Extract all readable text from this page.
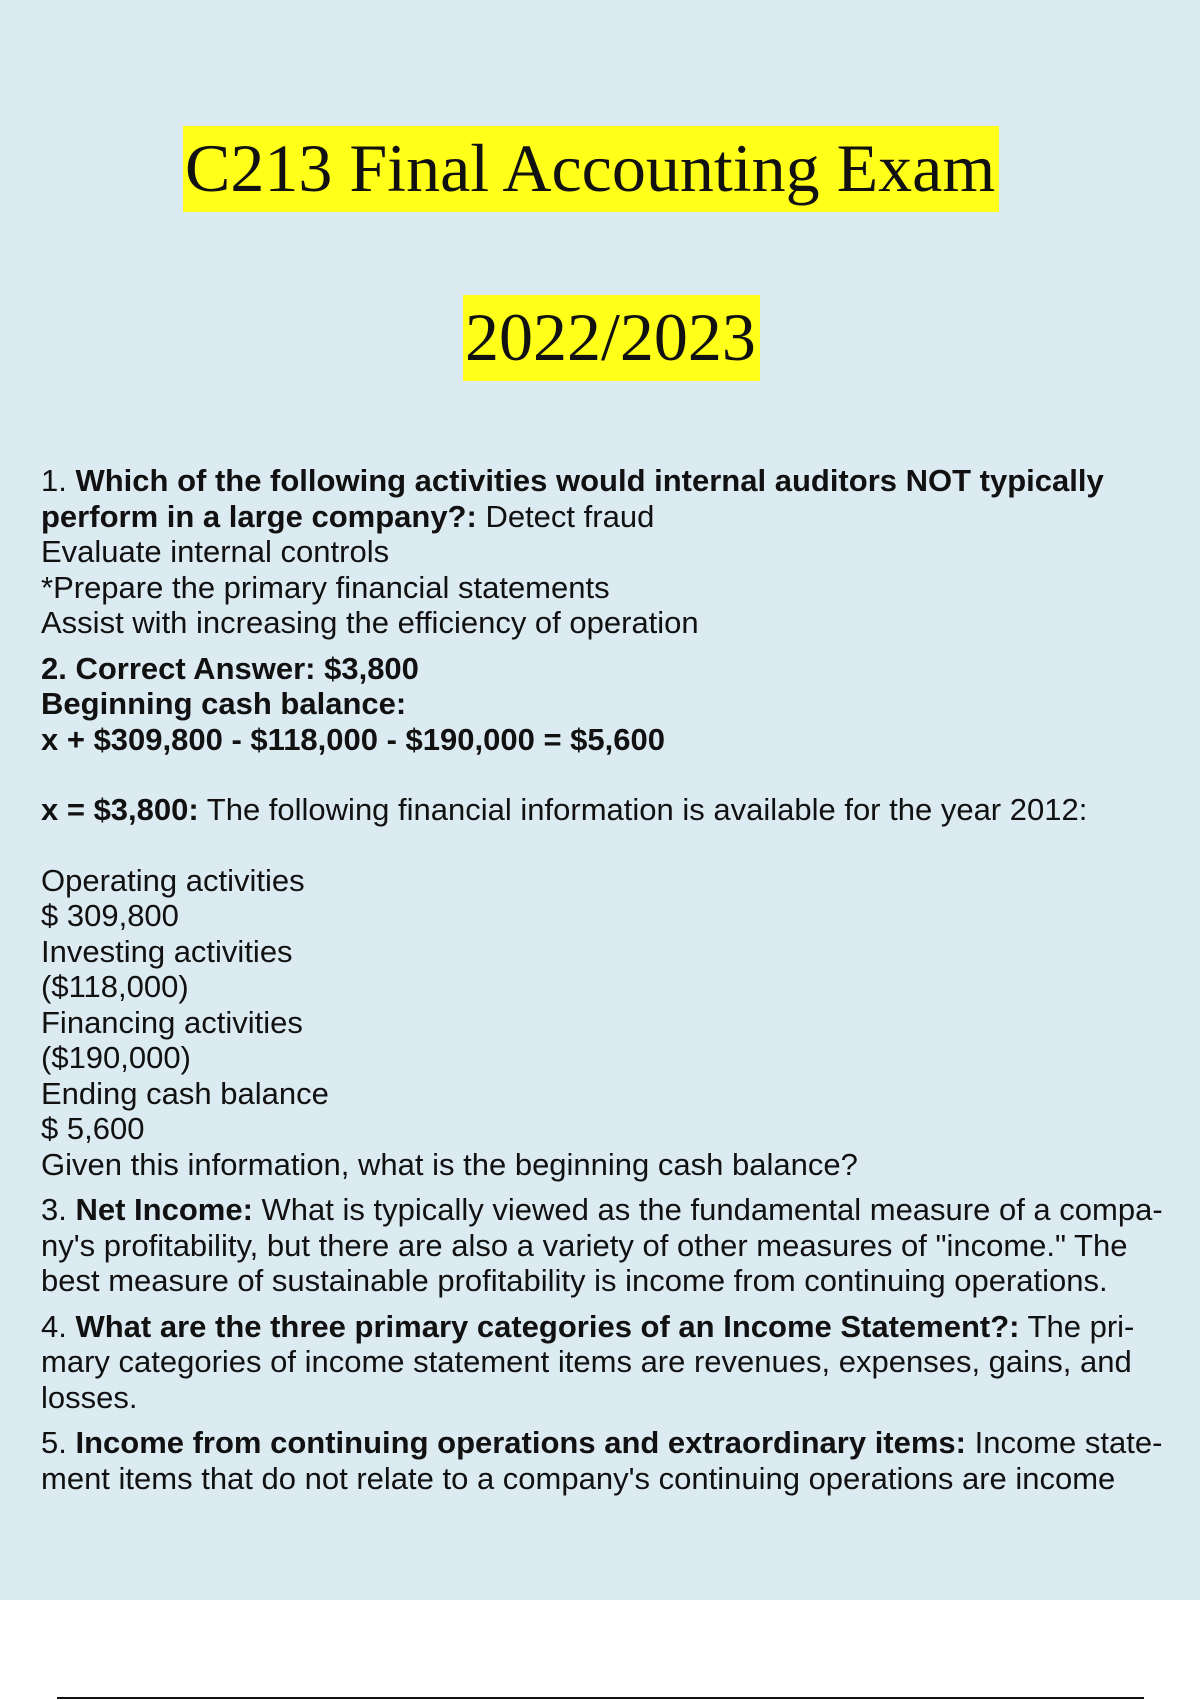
C213 Final Accounting Exam
2022/2023
1. Which of the following activities would internal auditors NOT typically perform in a large company?: Detect fraud
Evaluate internal controls
*Prepare the primary financial statements
Assist with increasing the efficiency of operation
2. Correct Answer: $3,800
Beginning cash balance:
x + $309,800 - $118,000 - $190,000 = $5,600
x = $3,800: The following financial information is available for the year 2012:
Operating activities
$ 309,800
Investing activities
($118,000)
Financing activities
($190,000)
Ending cash balance
$ 5,600
Given this information, what is the beginning cash balance?
3. Net Income: What is typically viewed as the fundamental measure of a compa-
ny's profitability, but there are also a variety of other measures of "income." The
best measure of sustainable profitability is income from continuing operations.
4. What are the three primary categories of an Income Statement?: The pri-
mary categories of income statement items are revenues, expenses, gains, and
losses.
5. Income from continuing operations and extraordinary items: Income state-
ment items that do not relate to a company's continuing operations are income
